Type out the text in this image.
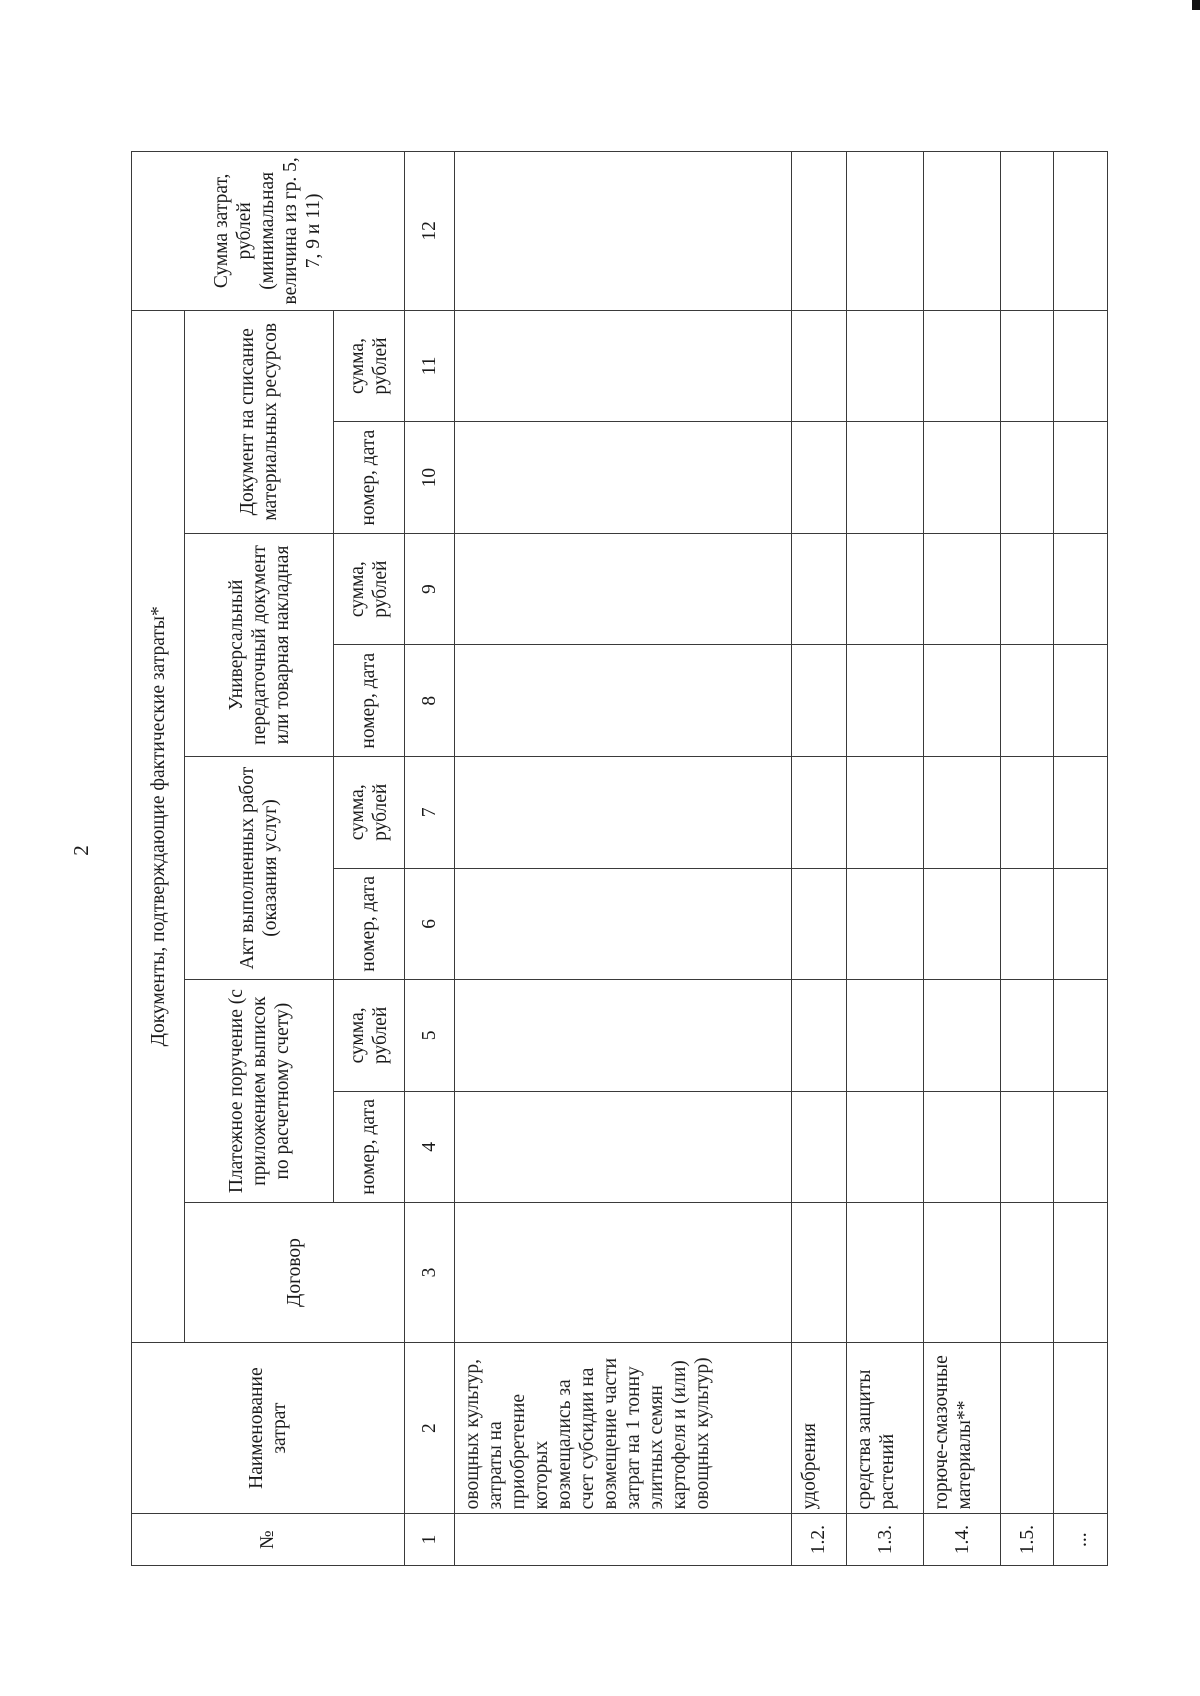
2
№	Наименование затрат	Документы, подтверждающие фактические затраты*									Сумма затрат, рублей (минимальная величина из гр. 5, 7, 9 и 11)
		Договор	Платежное поручение (с приложением выписок по расчетному счету)		Акт выполненных работ (оказания услуг)		Универсальный передаточный документ или товарная накладная		Документ на списание материальных ресурсов		
			номер, дата	сумма, рублей	номер, дата	сумма, рублей	номер, дата	сумма, рублей	номер, дата	сумма, рублей	
1	2	3	4	5	6	7	8	9	10	11	12
	овощных культур, затраты на приобретение которых возмещались за счет субсидии на возмещение части затрат на 1 тонну элитных семян картофеля и (или) овощных культур)										
1.2.	удобрения										
1.3.	средства защиты растений										
1.4.	горюче-смазочные материалы**										
1.5.											
...											
